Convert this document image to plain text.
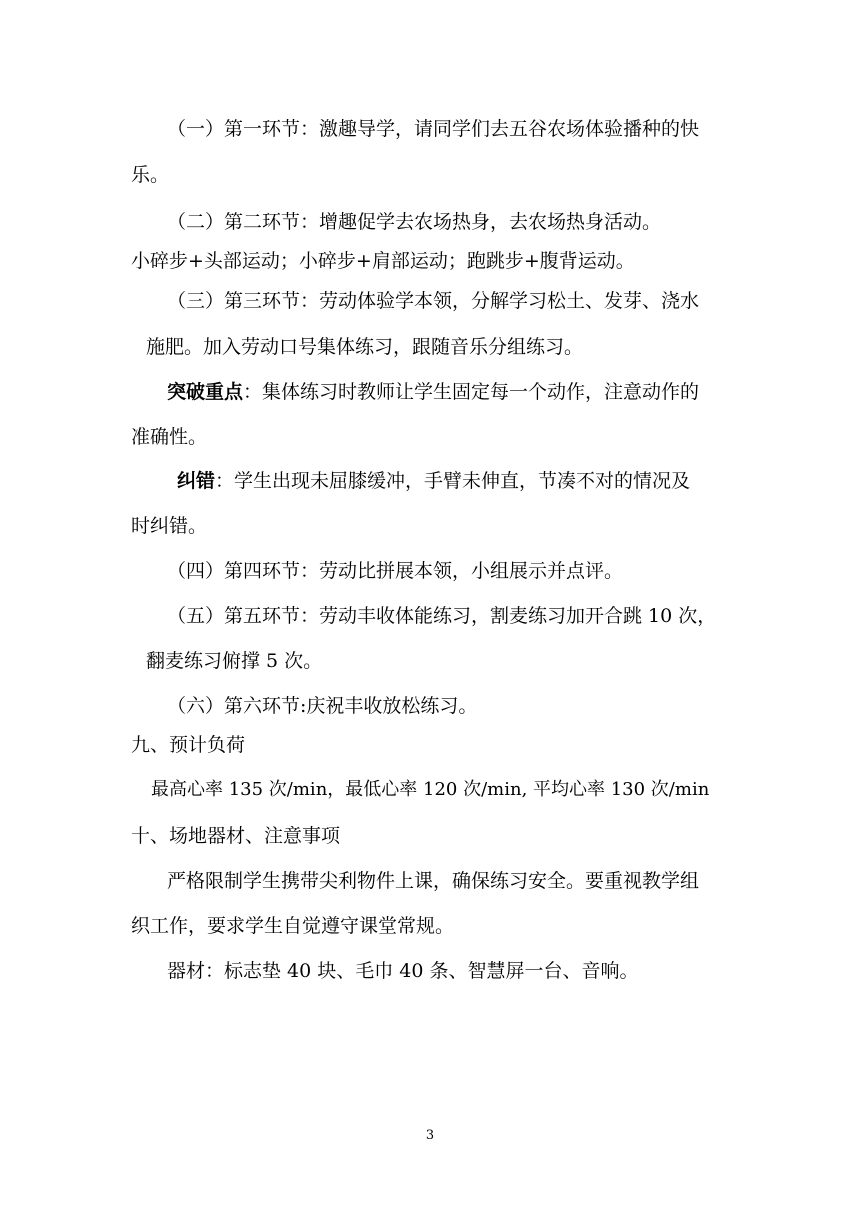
（一）第一环节：激趣导学，请同学们去五谷农场体验播种的快
乐。
（二）第二环节：增趣促学去农场热身，去农场热身活动。
小碎步+头部运动；小碎步+肩部运动；跑跳步+腹背运动。
（三）第三环节：劳动体验学本领，分解学习松土、发芽、浇水
施肥。加入劳动口号集体练习，跟随音乐分组练习。
突破重点：集体练习时教师让学生固定每一个动作，注意动作的
准确性。
纠错：学生出现未屈膝缓冲，手臂未伸直，节凑不对的情况及
时纠错。
（四）第四环节：劳动比拼展本领，小组展示并点评。
（五）第五环节：劳动丰收体能练习，割麦练习加开合跳 10 次，
翻麦练习俯撑 5 次。
（六）第六环节:庆祝丰收放松练习。
九、预计负荷
最高心率 135 次/min，最低心率 120 次/min, 平均心率 130 次/min
十、场地器材、注意事项
严格限制学生携带尖利物件上课，确保练习安全。要重视教学组
织工作，要求学生自觉遵守课堂常规。
器材：标志垫 40 块、毛巾 40 条、智慧屏一台、音响。
3
